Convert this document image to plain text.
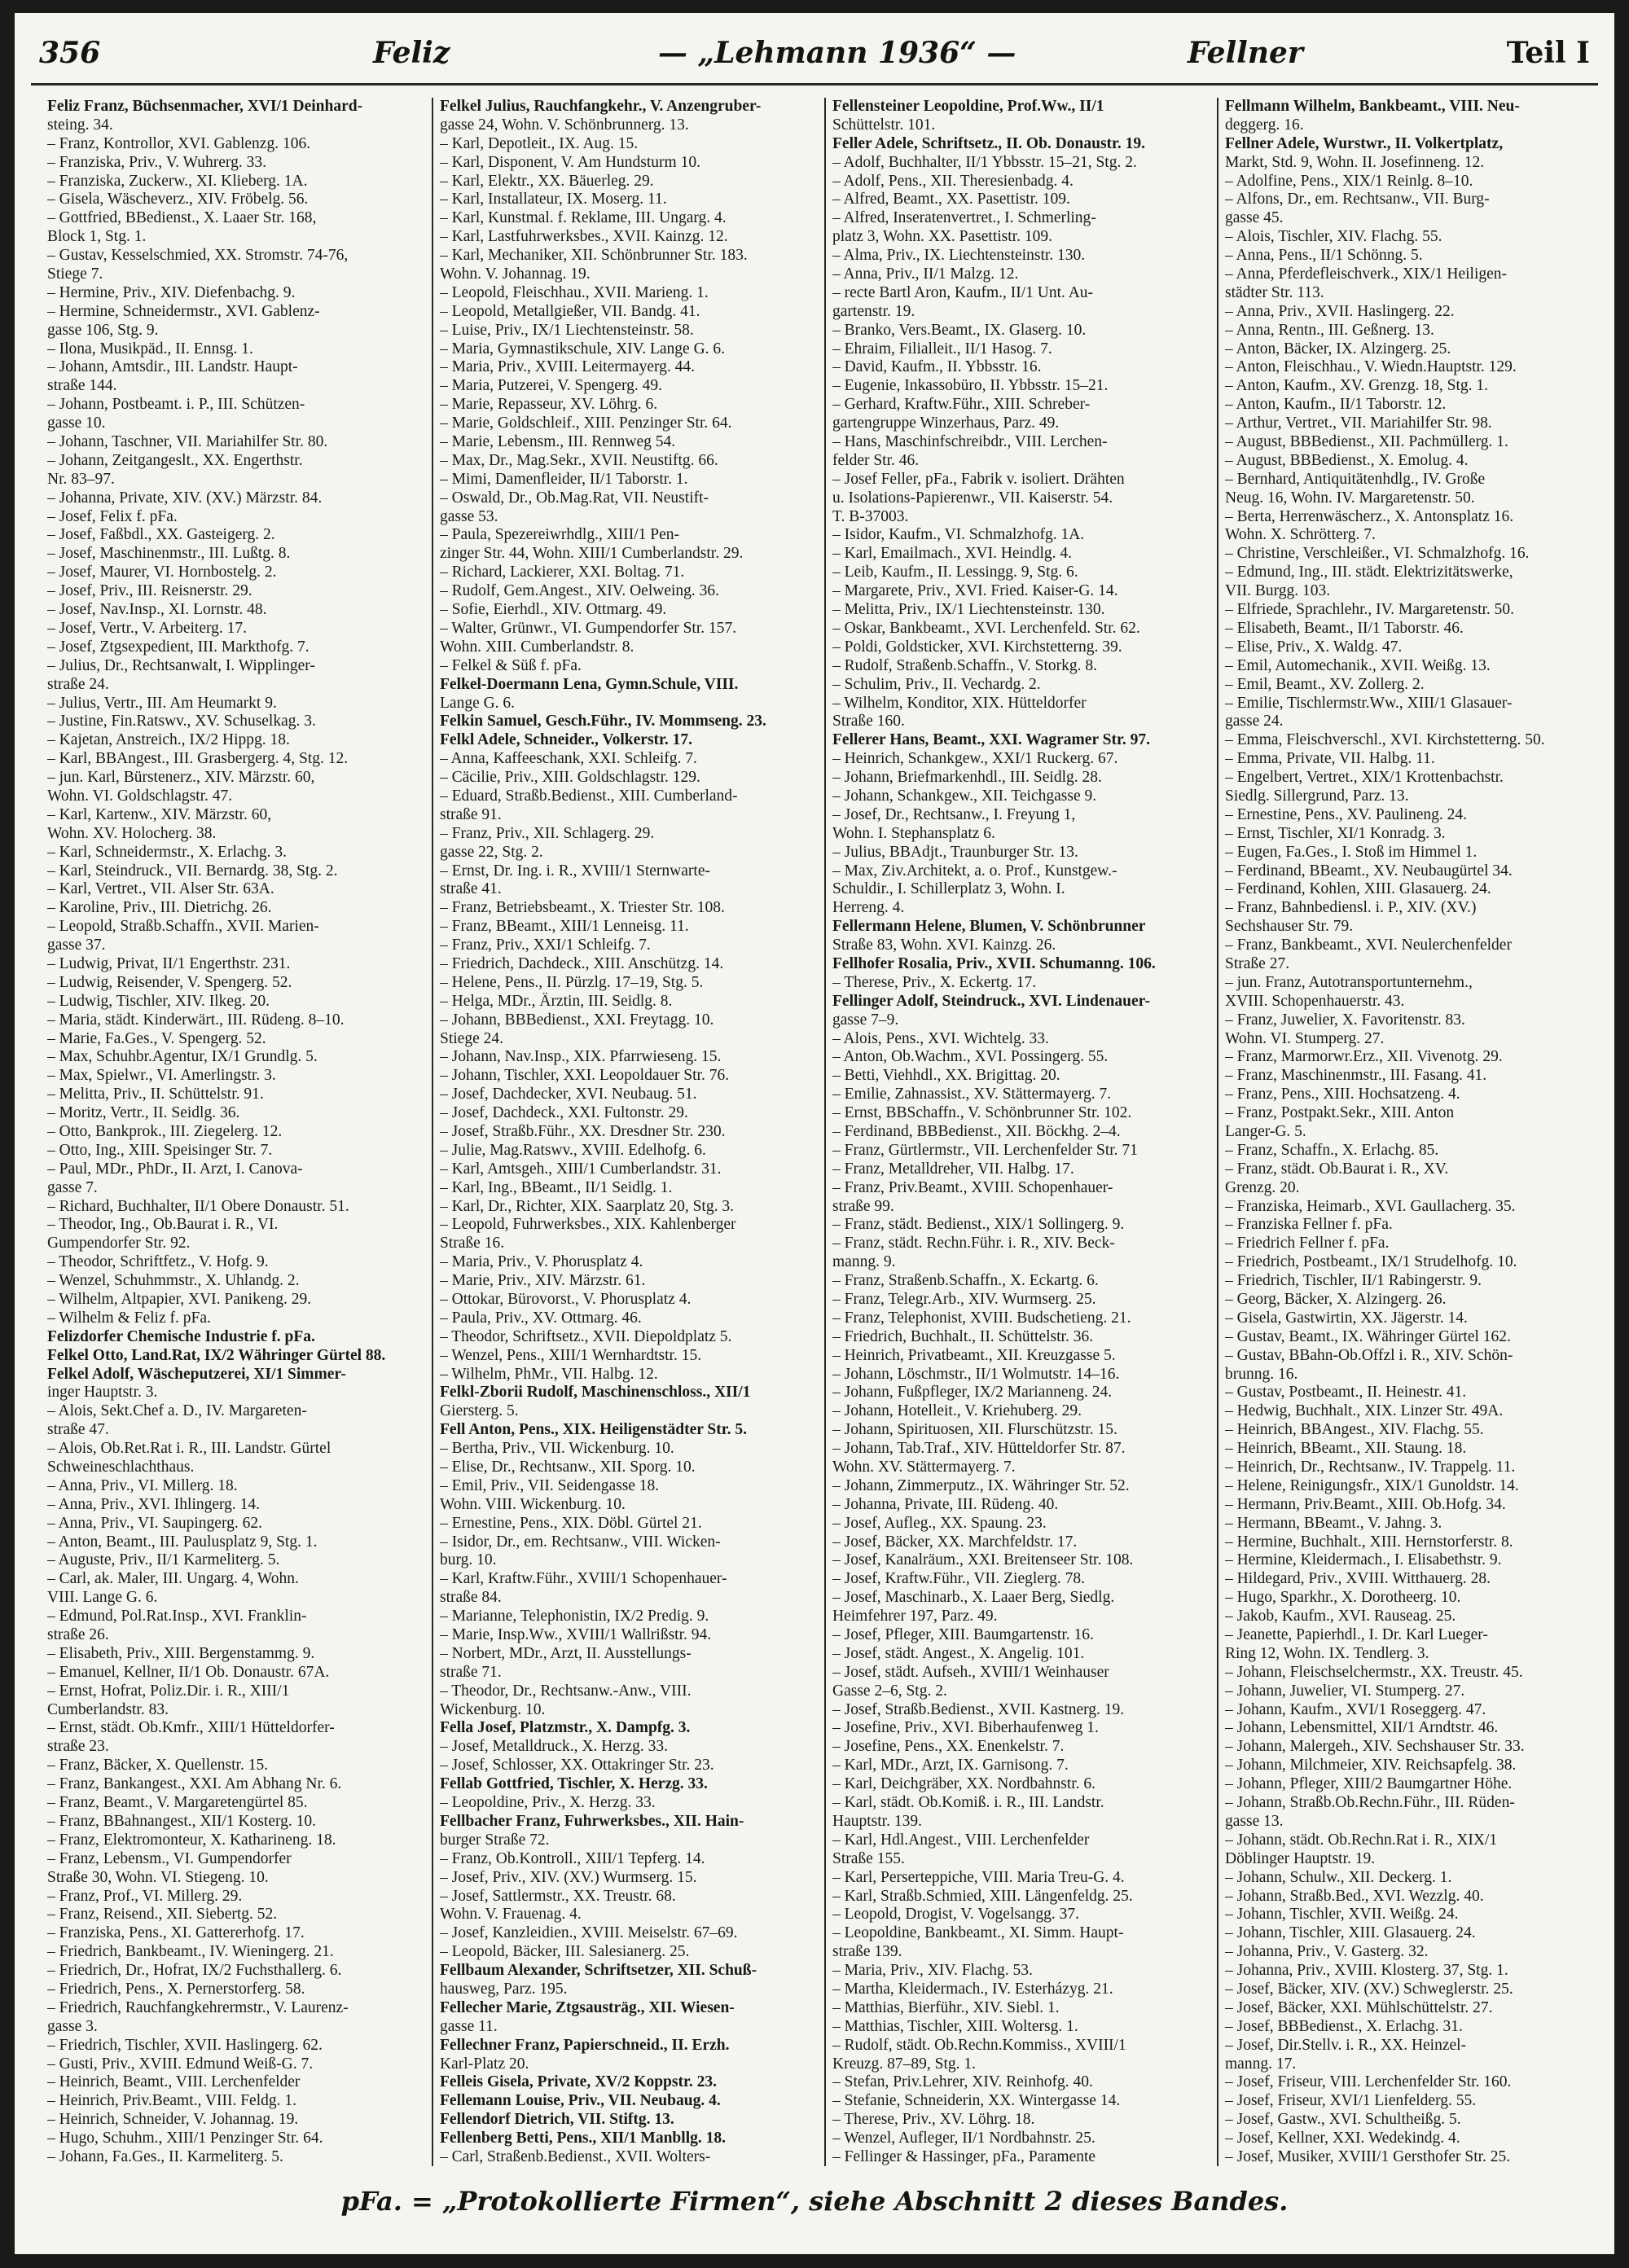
356	Feliz	— „Lehmann 1936“ —	Fellner	Teil I
Feliz Franz, Büchsenmacher, XVI/1 Deinhard-
steing. 34.
– Franz, Kontrollor, XVI. Gablenzg. 106.
– Franziska, Priv., V. Wuhrerg. 33.
– Franziska, Zuckerw., XI. Klieberg. 1A.
– Gisela, Wäscheverz., XIV. Fröbelg. 56.
– Gottfried, BBedienst., X. Laaer Str. 168,
Block 1, Stg. 1.
– Gustav, Kesselschmied, XX. Stromstr. 74-76,
Stiege 7.
– Hermine, Priv., XIV. Diefenbachg. 9.
– Hermine, Schneidermstr., XVI. Gablenz-
gasse 106, Stg. 9.
– Ilona, Musikpäd., II. Ennsg. 1.
– Johann, Amtsdir., III. Landstr. Haupt-
straße 144.
– Johann, Postbeamt. i. P., III. Schützen-
gasse 10.
– Johann, Taschner, VII. Mariahilfer Str. 80.
– Johann, Zeitgangeslt., XX. Engerthstr.
Nr. 83–97.
– Johanna, Private, XIV. (XV.) Märzstr. 84.
– Josef, Felix f. pFa.
– Josef, Faßbdl., XX. Gasteigerg. 2.
– Josef, Maschinenmstr., III. Lußtg. 8.
– Josef, Maurer, VI. Hornbostelg. 2.
– Josef, Priv., III. Reisnerstr. 29.
– Josef, Nav.Insp., XI. Lornstr. 48.
– Josef, Vertr., V. Arbeiterg. 17.
– Josef, Ztgsexpedient, III. Markthofg. 7.
– Julius, Dr., Rechtsanwalt, I. Wipplinger-
straße 24.
– Julius, Vertr., III. Am Heumarkt 9.
– Justine, Fin.Ratswv., XV. Schuselkag. 3.
– Kajetan, Anstreich., IX/2 Hippg. 18.
– Karl, BBAngest., III. Grasbergerg. 4, Stg. 12.
– jun. Karl, Bürstenerz., XIV. Märzstr. 60,
Wohn. VI. Goldschlagstr. 47.
– Karl, Kartenw., XIV. Märzstr. 60,
Wohn. XV. Holocherg. 38.
– Karl, Schneidermstr., X. Erlachg. 3.
– Karl, Steindruck., VII. Bernardg. 38, Stg. 2.
– Karl, Vertret., VII. Alser Str. 63A.
– Karoline, Priv., III. Dietrichg. 26.
– Leopold, Straßb.Schaffn., XVII. Marien-
gasse 37.
– Ludwig, Privat, II/1 Engerthstr. 231.
– Ludwig, Reisender, V. Spengerg. 52.
– Ludwig, Tischler, XIV. Ilkeg. 20.
– Maria, städt. Kinderwärt., III. Rüdeng. 8–10.
– Marie, Fa.Ges., V. Spengerg. 52.
– Max, Schuhbr.Agentur, IX/1 Grundlg. 5.
– Max, Spielwr., VI. Amerlingstr. 3.
– Melitta, Priv., II. Schüttelstr. 91.
– Moritz, Vertr., II. Seidlg. 36.
– Otto, Bankprok., III. Ziegelerg. 12.
– Otto, Ing., XIII. Speisinger Str. 7.
– Paul, MDr., PhDr., II. Arzt, I. Canova-
gasse 7.
– Richard, Buchhalter, II/1 Obere Donaustr. 51.
– Theodor, Ing., Ob.Baurat i. R., VI.
Gumpendorfer Str. 92.
– Theodor, Schriftfetz., V. Hofg. 9.
– Wenzel, Schuhmmstr., X. Uhlandg. 2.
– Wilhelm, Altpapier, XVI. Panikeng. 29.
– Wilhelm & Feliz f. pFa.
Felizdorfer Chemische Industrie f. pFa.
Felkel Otto, Land.Rat, IX/2 Währinger Gürtel 88.
Felkel Adolf, Wäscheputzerei, XI/1 Simmer-
inger Hauptstr. 3.
– Alois, Sekt.Chef a. D., IV. Margareten-
straße 47.
– Alois, Ob.Ret.Rat i. R., III. Landstr. Gürtel
Schweineschlachthaus.
– Anna, Priv., VI. Millerg. 18.
– Anna, Priv., XVI. Ihlingerg. 14.
– Anna, Priv., VI. Saupingerg. 62.
– Anton, Beamt., III. Paulusplatz 9, Stg. 1.
– Auguste, Priv., II/1 Karmeliterg. 5.
– Carl, ak. Maler, III. Ungarg. 4, Wohn.
VIII. Lange G. 6.
– Edmund, Pol.Rat.Insp., XVI. Franklin-
straße 26.
– Elisabeth, Priv., XIII. Bergenstammg. 9.
– Emanuel, Kellner, II/1 Ob. Donaustr. 67A.
– Ernst, Hofrat, Poliz.Dir. i. R., XIII/1
Cumberlandstr. 83.
– Ernst, städt. Ob.Kmfr., XIII/1 Hütteldorfer-
straße 23.
– Franz, Bäcker, X. Quellenstr. 15.
– Franz, Bankangest., XXI. Am Abhang Nr. 6.
– Franz, Beamt., V. Margaretengürtel 85.
– Franz, BBahnangest., XII/1 Kosterg. 10.
– Franz, Elektromonteur, X. Katharineng. 18.
– Franz, Lebensm., VI. Gumpendorfer
Straße 30, Wohn. VI. Stiegeng. 10.
– Franz, Prof., VI. Millerg. 29.
– Franz, Reisend., XII. Siebertg. 52.
– Franziska, Pens., XI. Gattererhofg. 17.
– Friedrich, Bankbeamt., IV. Wieningerg. 21.
– Friedrich, Dr., Hofrat, IX/2 Fuchsthallerg. 6.
– Friedrich, Pens., X. Pernerstorferg. 58.
– Friedrich, Rauchfangkehrermstr., V. Laurenz-
gasse 3.
– Friedrich, Tischler, XVII. Haslingerg. 62.
– Gusti, Priv., XVIII. Edmund Weiß-G. 7.
– Heinrich, Beamt., VIII. Lerchenfelder
– Heinrich, Priv.Beamt., VIII. Feldg. 1.
– Heinrich, Schneider, V. Johannag. 19.
– Hugo, Schuhm., XIII/1 Penzinger Str. 64.
– Johann, Fa.Ges., II. Karmeliterg. 5.
Felkel Julius, Rauchfangkehr., V. Anzengruber-
gasse 24, Wohn. V. Schönbrunnerg. 13.
– Karl, Depotleit., IX. Aug. 15.
– Karl, Disponent, V. Am Hundsturm 10.
– Karl, Elektr., XX. Bäuerleg. 29.
– Karl, Installateur, IX. Moserg. 11.
– Karl, Kunstmal. f. Reklame, III. Ungarg. 4.
– Karl, Lastfuhrwerksbes., XVII. Kainzg. 12.
– Karl, Mechaniker, XII. Schönbrunner Str. 183.
Wohn. V. Johannag. 19.
– Leopold, Fleischhau., XVII. Marieng. 1.
– Leopold, Metallgießer, VII. Bandg. 41.
– Luise, Priv., IX/1 Liechtensteinstr. 58.
– Maria, Gymnastikschule, XIV. Lange G. 6.
– Maria, Priv., XVIII. Leitermayerg. 44.
– Maria, Putzerei, V. Spengerg. 49.
– Marie, Repasseur, XV. Löhrg. 6.
– Marie, Goldschleif., XIII. Penzinger Str. 64.
– Marie, Lebensm., III. Rennweg 54.
– Max, Dr., Mag.Sekr., XVII. Neustiftg. 66.
– Mimi, Damenfleider, II/1 Taborstr. 1.
– Oswald, Dr., Ob.Mag.Rat, VII. Neustift-
gasse 53.
– Paula, Spezereiwrhdlg., XIII/1 Pen-
zinger Str. 44, Wohn. XIII/1 Cumberlandstr. 29.
– Richard, Lackierer, XXI. Boltag. 71.
– Rudolf, Gem.Angest., XIV. Oelweing. 36.
– Sofie, Eierhdl., XIV. Ottmarg. 49.
– Walter, Grünwr., VI. Gumpendorfer Str. 157.
Wohn. XIII. Cumberlandstr. 8.
– Felkel & Süß f. pFa.
Felkel-Doermann Lena, Gymn.Schule, VIII.
Lange G. 6.
Felkin Samuel, Gesch.Führ., IV. Mommseng. 23.
Felkl Adele, Schneider., Volkerstr. 17.
– Anna, Kaffeeschank, XXI. Schleifg. 7.
– Cäcilie, Priv., XIII. Goldschlagstr. 129.
– Eduard, Straßb.Bedienst., XIII. Cumberland-
straße 91.
– Franz, Priv., XII. Schlagerg. 29.
gasse 22, Stg. 2.
– Ernst, Dr. Ing. i. R., XVIII/1 Sternwarte-
straße 41.
– Franz, Betriebsbeamt., X. Triester Str. 108.
– Franz, BBeamt., XIII/1 Lenneisg. 11.
– Franz, Priv., XXI/1 Schleifg. 7.
– Friedrich, Dachdeck., XIII. Anschützg. 14.
– Helene, Pens., II. Pürzlg. 17–19, Stg. 5.
– Helga, MDr., Ärztin, III. Seidlg. 8.
– Johann, BBBedienst., XXI. Freytagg. 10.
Stiege 24.
– Johann, Nav.Insp., XIX. Pfarrwieseng. 15.
– Johann, Tischler, XXI. Leopoldauer Str. 76.
– Josef, Dachdecker, XVI. Neubaug. 51.
– Josef, Dachdeck., XXI. Fultonstr. 29.
– Josef, Straßb.Führ., XX. Dresdner Str. 230.
– Julie, Mag.Ratswv., XVIII. Edelhofg. 6.
– Karl, Amtsgeh., XIII/1 Cumberlandstr. 31.
– Karl, Ing., BBeamt., II/1 Seidlg. 1.
– Karl, Dr., Richter, XIX. Saarplatz 20, Stg. 3.
– Leopold, Fuhrwerksbes., XIX. Kahlenberger
Straße 16.
– Maria, Priv., V. Phorusplatz 4.
– Marie, Priv., XIV. Märzstr. 61.
– Ottokar, Bürovorst., V. Phorusplatz 4.
– Paula, Priv., XV. Ottmarg. 46.
– Theodor, Schriftsetz., XVII. Diepoldplatz 5.
– Wenzel, Pens., XIII/1 Wernhardtstr. 15.
– Wilhelm, PhMr., VII. Halbg. 12.
Felkl-Zborii Rudolf, Maschinenschloss., XII/1
Giersterg. 5.
Fell Anton, Pens., XIX. Heiligenstädter Str. 5.
– Bertha, Priv., VII. Wickenburg. 10.
– Elise, Dr., Rechtsanw., XII. Sporg. 10.
– Emil, Priv., VII. Seidengasse 18.
Wohn. VIII. Wickenburg. 10.
– Ernestine, Pens., XIX. Döbl. Gürtel 21.
– Isidor, Dr., em. Rechtsanw., VIII. Wicken-
burg. 10.
– Karl, Kraftw.Führ., XVIII/1 Schopenhauer-
straße 84.
– Marianne, Telephonistin, IX/2 Predig. 9.
– Marie, Insp.Ww., XVIII/1 Wallrißstr. 94.
– Norbert, MDr., Arzt, II. Ausstellungs-
straße 71.
– Theodor, Dr., Rechtsanw.-Anw., VIII.
Wickenburg. 10.
Fella Josef, Platzmstr., X. Dampfg. 3.
– Josef, Metalldruck., X. Herzg. 33.
– Josef, Schlosser, XX. Ottakringer Str. 23.
Fellab Gottfried, Tischler, X. Herzg. 33.
– Leopoldine, Priv., X. Herzg. 33.
Fellbacher Franz, Fuhrwerksbes., XII. Hain-
burger Straße 72.
– Franz, Ob.Kontroll., XIII/1 Tepferg. 14.
– Josef, Priv., XIV. (XV.) Wurmserg. 15.
– Josef, Sattlermstr., XX. Treustr. 68.
Wohn. V. Frauenag. 4.
– Josef, Kanzleidien., XVIII. Meiselstr. 67–69.
– Leopold, Bäcker, III. Salesianerg. 25.
Fellbaum Alexander, Schriftsetzer, XII. Schuß-
hausweg, Parz. 195.
Fellecher Marie, Ztgsausträg., XII. Wiesen-
gasse 11.
Fellechner Franz, Papierschneid., II. Erzh.
Karl-Platz 20.
Felleis Gisela, Private, XV/2 Koppstr. 23.
Fellemann Louise, Priv., VII. Neubaug. 4.
Fellendorf Dietrich, VII. Stiftg. 13.
Fellenberg Betti, Pens., XII/1 Manbllg. 18.
– Carl, Straßenb.Bedienst., XVII. Wolters-
Fellensteiner Leopoldine, Prof.Ww., II/1
Schüttelstr. 101.
Feller Adele, Schriftsetz., II. Ob. Donaustr. 19.
– Adolf, Buchhalter, II/1 Ybbsstr. 15–21, Stg. 2.
– Adolf, Pens., XII. Theresienbadg. 4.
– Alfred, Beamt., XX. Pasettistr. 109.
– Alfred, Inseratenvertret., I. Schmerling-
platz 3, Wohn. XX. Pasettistr. 109.
– Alma, Priv., IX. Liechtensteinstr. 130.
– Anna, Priv., II/1 Malzg. 12.
– recte Bartl Aron, Kaufm., II/1 Unt. Au-
gartenstr. 19.
– Branko, Vers.Beamt., IX. Glaserg. 10.
– Ehraim, Filialleit., II/1 Hasog. 7.
– David, Kaufm., II. Ybbsstr. 16.
– Eugenie, Inkassobüro, II. Ybbsstr. 15–21.
– Gerhard, Kraftw.Führ., XIII. Schreber-
gartengruppe Winzerhaus, Parz. 49.
– Hans, Maschinfschreibdr., VIII. Lerchen-
felder Str. 46.
– Josef Feller, pFa., Fabrik v. isoliert. Drähten
u. Isolations-Papierenwr., VII. Kaiserstr. 54.
T. B-37003.
– Isidor, Kaufm., VI. Schmalzhofg. 1A.
– Karl, Emailmach., XVI. Heindlg. 4.
– Leib, Kaufm., II. Lessingg. 9, Stg. 6.
– Margarete, Priv., XVI. Fried. Kaiser-G. 14.
– Melitta, Priv., IX/1 Liechtensteinstr. 130.
– Oskar, Bankbeamt., XVI. Lerchenfeld. Str. 62.
– Poldi, Goldsticker, XVI. Kirchstetterng. 39.
– Rudolf, Straßenb.Schaffn., V. Storkg. 8.
– Schulim, Priv., II. Vechardg. 2.
– Wilhelm, Konditor, XIX. Hütteldorfer
Straße 160.
Fellerer Hans, Beamt., XXI. Wagramer Str. 97.
– Heinrich, Schankgew., XXI/1 Ruckerg. 67.
– Johann, Briefmarkenhdl., III. Seidlg. 28.
– Johann, Schankgew., XII. Teichgasse 9.
– Josef, Dr., Rechtsanw., I. Freyung 1,
Wohn. I. Stephansplatz 6.
– Julius, BBAdjt., Traunburger Str. 13.
– Max, Ziv.Architekt, a. o. Prof., Kunstgew.-
Schuldir., I. Schillerplatz 3, Wohn. I.
Herreng. 4.
Fellermann Helene, Blumen, V. Schönbrunner
Straße 83, Wohn. XVI. Kainzg. 26.
Fellhofer Rosalia, Priv., XVII. Schumanng. 106.
– Therese, Priv., X. Eckertg. 17.
Fellinger Adolf, Steindruck., XVI. Lindenauer-
gasse 7–9.
– Alois, Pens., XVI. Wichtelg. 33.
– Anton, Ob.Wachm., XVI. Possingerg. 55.
– Betti, Viehhdl., XX. Brigittag. 20.
– Emilie, Zahnassist., XV. Stättermayerg. 7.
– Ernst, BBSchaffn., V. Schönbrunner Str. 102.
– Ferdinand, BBBedienst., XII. Böckhg. 2–4.
– Franz, Gürtlermstr., VII. Lerchenfelder Str. 71
– Franz, Metalldreher, VII. Halbg. 17.
– Franz, Priv.Beamt., XVIII. Schopenhauer-
straße 99.
– Franz, städt. Bedienst., XIX/1 Sollingerg. 9.
– Franz, städt. Rechn.Führ. i. R., XIV. Beck-
manng. 9.
– Franz, Straßenb.Schaffn., X. Eckartg. 6.
– Franz, Telegr.Arb., XIV. Wurmserg. 25.
– Franz, Telephonist, XVIII. Budschetieng. 21.
– Friedrich, Buchhalt., II. Schüttelstr. 36.
– Heinrich, Privatbeamt., XII. Kreuzgasse 5.
– Johann, Löschmstr., II/1 Wolmutstr. 14–16.
– Johann, Fußpfleger, IX/2 Marianneng. 24.
– Johann, Hotelleit., V. Kriehuberg. 29.
– Johann, Spirituosen, XII. Flurschützstr. 15.
– Johann, Tab.Traf., XIV. Hütteldorfer Str. 87.
Wohn. XV. Stättermayerg. 7.
– Johann, Zimmerputz., IX. Währinger Str. 52.
– Johanna, Private, III. Rüdeng. 40.
– Josef, Aufleg., XX. Spaung. 23.
– Josef, Bäcker, XX. Marchfeldstr. 17.
– Josef, Kanalräum., XXI. Breitenseer Str. 108.
– Josef, Kraftw.Führ., VII. Zieglerg. 78.
– Josef, Maschinarb., X. Laaer Berg, Siedlg.
Heimfehrer 197, Parz. 49.
– Josef, Pfleger, XIII. Baumgartenstr. 16.
– Josef, städt. Angest., X. Angelig. 101.
– Josef, städt. Aufseh., XVIII/1 Weinhauser
Gasse 2–6, Stg. 2.
– Josef, Straßb.Bedienst., XVII. Kastnerg. 19.
– Josefine, Priv., XVI. Biberhaufenweg 1.
– Josefine, Pens., XX. Enenkelstr. 7.
– Karl, MDr., Arzt, IX. Garnisong. 7.
– Karl, Deichgräber, XX. Nordbahnstr. 6.
– Karl, städt. Ob.Komiß. i. R., III. Landstr.
Hauptstr. 139.
– Karl, Hdl.Angest., VIII. Lerchenfelder
Straße 155.
– Karl, Perserteppiche, VIII. Maria Treu-G. 4.
– Karl, Straßb.Schmied, XIII. Längenfeldg. 25.
– Leopold, Drogist, V. Vogelsangg. 37.
– Leopoldine, Bankbeamt., XI. Simm. Haupt-
straße 139.
– Maria, Priv., XIV. Flachg. 53.
– Martha, Kleidermach., IV. Esterházyg. 21.
– Matthias, Bierführ., XIV. Siebl. 1.
– Matthias, Tischler, XIII. Woltersg. 1.
– Rudolf, städt. Ob.Rechn.Kommiss., XVIII/1
Kreuzg. 87–89, Stg. 1.
– Stefan, Priv.Lehrer, XIV. Reinhofg. 40.
– Stefanie, Schneiderin, XX. Wintergasse 14.
– Therese, Priv., XV. Löhrg. 18.
– Wenzel, Aufleger, II/1 Nordbahnstr. 25.
– Fellinger & Hassinger, pFa., Paramente
Fellmann Wilhelm, Bankbeamt., VIII. Neu-
deggerg. 16.
Fellner Adele, Wurstwr., II. Volkertplatz,
Markt, Std. 9, Wohn. II. Josefinneng. 12.
– Adolfine, Pens., XIX/1 Reinlg. 8–10.
– Alfons, Dr., em. Rechtsanw., VII. Burg-
gasse 45.
– Alois, Tischler, XIV. Flachg. 55.
– Anna, Pens., II/1 Schönng. 5.
– Anna, Pferdefleischverk., XIX/1 Heiligen-
städter Str. 113.
– Anna, Priv., XVII. Haslingerg. 22.
– Anna, Rentn., III. Geßnerg. 13.
– Anton, Bäcker, IX. Alzingerg. 25.
– Anton, Fleischhau., V. Wiedn.Hauptstr. 129.
– Anton, Kaufm., XV. Grenzg. 18, Stg. 1.
– Anton, Kaufm., II/1 Taborstr. 12.
– Arthur, Vertret., VII. Mariahilfer Str. 98.
– August, BBBedienst., XII. Pachmüllerg. 1.
– August, BBBedienst., X. Emolug. 4.
– Bernhard, Antiquitätenhdlg., IV. Große
Neug. 16, Wohn. IV. Margaretenstr. 50.
– Berta, Herrenwäscherz., X. Antonsplatz 16.
Wohn. X. Schrötterg. 7.
– Christine, Verschleißer., VI. Schmalzhofg. 16.
– Edmund, Ing., III. städt. Elektrizitätswerke,
VII. Burgg. 103.
– Elfriede, Sprachlehr., IV. Margaretenstr. 50.
– Elisabeth, Beamt., II/1 Taborstr. 46.
– Elise, Priv., X. Waldg. 47.
– Emil, Automechanik., XVII. Weißg. 13.
– Emil, Beamt., XV. Zollerg. 2.
– Emilie, Tischlermstr.Ww., XIII/1 Glasauer-
gasse 24.
– Emma, Fleischverschl., XVI. Kirchstetterng. 50.
– Emma, Private, VII. Halbg. 11.
– Engelbert, Vertret., XIX/1 Krottenbachstr.
Siedlg. Sillergrund, Parz. 13.
– Ernestine, Pens., XV. Paulineng. 24.
– Ernst, Tischler, XI/1 Konradg. 3.
– Eugen, Fa.Ges., I. Stoß im Himmel 1.
– Ferdinand, BBeamt., XV. Neubaugürtel 34.
– Ferdinand, Kohlen, XIII. Glasauerg. 24.
– Franz, Bahnbediensl. i. P., XIV. (XV.)
Sechshauser Str. 79.
– Franz, Bankbeamt., XVI. Neulerchenfelder
Straße 27.
– jun. Franz, Autotransportunternehm.,
XVIII. Schopenhauerstr. 43.
– Franz, Juwelier, X. Favoritenstr. 83.
Wohn. VI. Stumperg. 27.
– Franz, Marmorwr.Erz., XII. Vivenotg. 29.
– Franz, Maschinenmstr., III. Fasang. 41.
– Franz, Pens., XIII. Hochsatzeng. 4.
– Franz, Postpakt.Sekr., XIII. Anton
Langer-G. 5.
– Franz, Schaffn., X. Erlachg. 85.
– Franz, städt. Ob.Baurat i. R., XV.
Grenzg. 20.
– Franziska, Heimarb., XVI. Gaullacherg. 35.
– Franziska Fellner f. pFa.
– Friedrich Fellner f. pFa.
– Friedrich, Postbeamt., IX/1 Strudelhofg. 10.
– Friedrich, Tischler, II/1 Rabingerstr. 9.
– Georg, Bäcker, X. Alzingerg. 26.
– Gisela, Gastwirtin, XX. Jägerstr. 14.
– Gustav, Beamt., IX. Währinger Gürtel 162.
– Gustav, BBahn-Ob.Offzl i. R., XIV. Schön-
brunng. 16.
– Gustav, Postbeamt., II. Heinestr. 41.
– Hedwig, Buchhalt., XIX. Linzer Str. 49A.
– Heinrich, BBAngest., XIV. Flachg. 55.
– Heinrich, BBeamt., XII. Staung. 18.
– Heinrich, Dr., Rechtsanw., IV. Trappelg. 11.
– Helene, Reinigungsfr., XIX/1 Gunoldstr. 14.
– Hermann, Priv.Beamt., XIII. Ob.Hofg. 34.
– Hermann, BBeamt., V. Jahng. 3.
– Hermine, Buchhalt., XIII. Hernstorferstr. 8.
– Hermine, Kleidermach., I. Elisabethstr. 9.
– Hildegard, Priv., XVIII. Witthauerg. 28.
– Hugo, Sparkhr., X. Dorotheerg. 10.
– Jakob, Kaufm., XVI. Rauseag. 25.
– Jeanette, Papierhdl., I. Dr. Karl Lueger-
Ring 12, Wohn. IX. Tendlerg. 3.
– Johann, Fleischselchermstr., XX. Treustr. 45.
– Johann, Juwelier, VI. Stumperg. 27.
– Johann, Kaufm., XVI/1 Roseggerg. 47.
– Johann, Lebensmittel, XII/1 Arndtstr. 46.
– Johann, Malergeh., XIV. Sechshauser Str. 33.
– Johann, Milchmeier, XIV. Reichsapfelg. 38.
– Johann, Pfleger, XIII/2 Baumgartner Höhe.
– Johann, Straßb.Ob.Rechn.Führ., III. Rüden-
gasse 13.
– Johann, städt. Ob.Rechn.Rat i. R., XIX/1
Döblinger Hauptstr. 19.
– Johann, Schulw., XII. Deckerg. 1.
– Johann, Straßb.Bed., XVI. Wezzlg. 40.
– Johann, Tischler, XVII. Weißg. 24.
– Johann, Tischler, XIII. Glasauerg. 24.
– Johanna, Priv., V. Gasterg. 32.
– Johanna, Priv., XVIII. Klosterg. 37, Stg. 1.
– Josef, Bäcker, XIV. (XV.) Schweglerstr. 25.
– Josef, Bäcker, XXI. Mühlschüttelstr. 27.
– Josef, BBBedienst., X. Erlachg. 31.
– Josef, Dir.Stellv. i. R., XX. Heinzel-
manng. 17.
– Josef, Friseur, VIII. Lerchenfelder Str. 160.
– Josef, Friseur, XVI/1 Lienfelderg. 55.
– Josef, Gastw., XVI. Schultheißg. 5.
– Josef, Kellner, XXI. Wedekindg. 4.
– Josef, Musiker, XVIII/1 Gersthofer Str. 25.
pFa. = „Protokollierte Firmen“, siehe Abschnitt 2 dieses Bandes.
